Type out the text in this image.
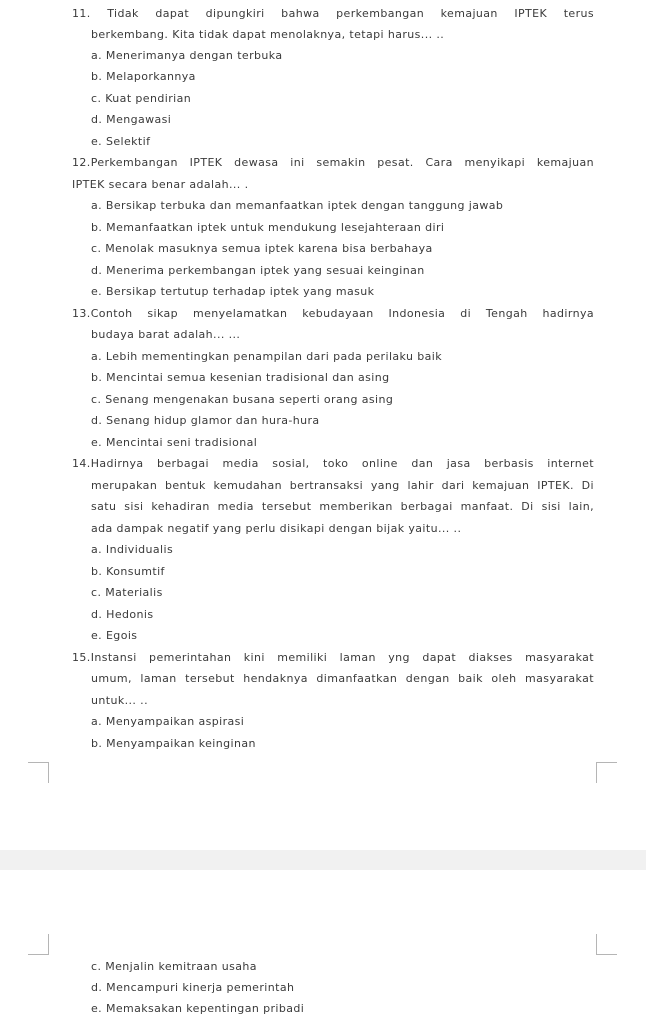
11. Tidak dapat dipungkiri bahwa perkembangan kemajuan IPTEK terus
berkembang. Kita tidak dapat menolaknya, tetapi harus... ..
a. Menerimanya dengan terbuka
b. Melaporkannya
c. Kuat pendirian
d. Mengawasi
e. Selektif
12.Perkembangan IPTEK dewasa ini semakin pesat. Cara menyikapi kemajuan
IPTEK secara benar adalah... .
a. Bersikap terbuka dan memanfaatkan iptek dengan tanggung jawab
b. Memanfaatkan iptek untuk mendukung lesejahteraan diri
c. Menolak masuknya semua iptek karena bisa berbahaya
d. Menerima perkembangan iptek yang sesuai keinginan
e. Bersikap tertutup terhadap iptek yang masuk
13.Contoh sikap menyelamatkan kebudayaan Indonesia di Tengah hadirnya
budaya barat adalah... ...
a. Lebih mementingkan penampilan dari pada perilaku baik
b. Mencintai semua kesenian tradisional dan asing
c. Senang mengenakan busana seperti orang asing
d. Senang hidup glamor dan hura-hura
e. Mencintai seni tradisional
14.Hadirnya berbagai media sosial, toko online dan jasa berbasis internet
merupakan bentuk kemudahan bertransaksi yang lahir dari kemajuan IPTEK. Di
satu sisi kehadiran media tersebut memberikan berbagai manfaat. Di sisi lain,
ada dampak negatif yang perlu disikapi dengan bijak yaitu... ..
a. Individualis
b. Konsumtif
c. Materialis
d. Hedonis
e. Egois
15.Instansi pemerintahan kini memiliki laman yng dapat diakses masyarakat
umum, laman tersebut hendaknya dimanfaatkan dengan baik oleh masyarakat
untuk... ..
a. Menyampaikan aspirasi
b. Menyampaikan keinginan
c. Menjalin kemitraan usaha
d. Mencampuri kinerja pemerintah
e. Memaksakan kepentingan pribadi
